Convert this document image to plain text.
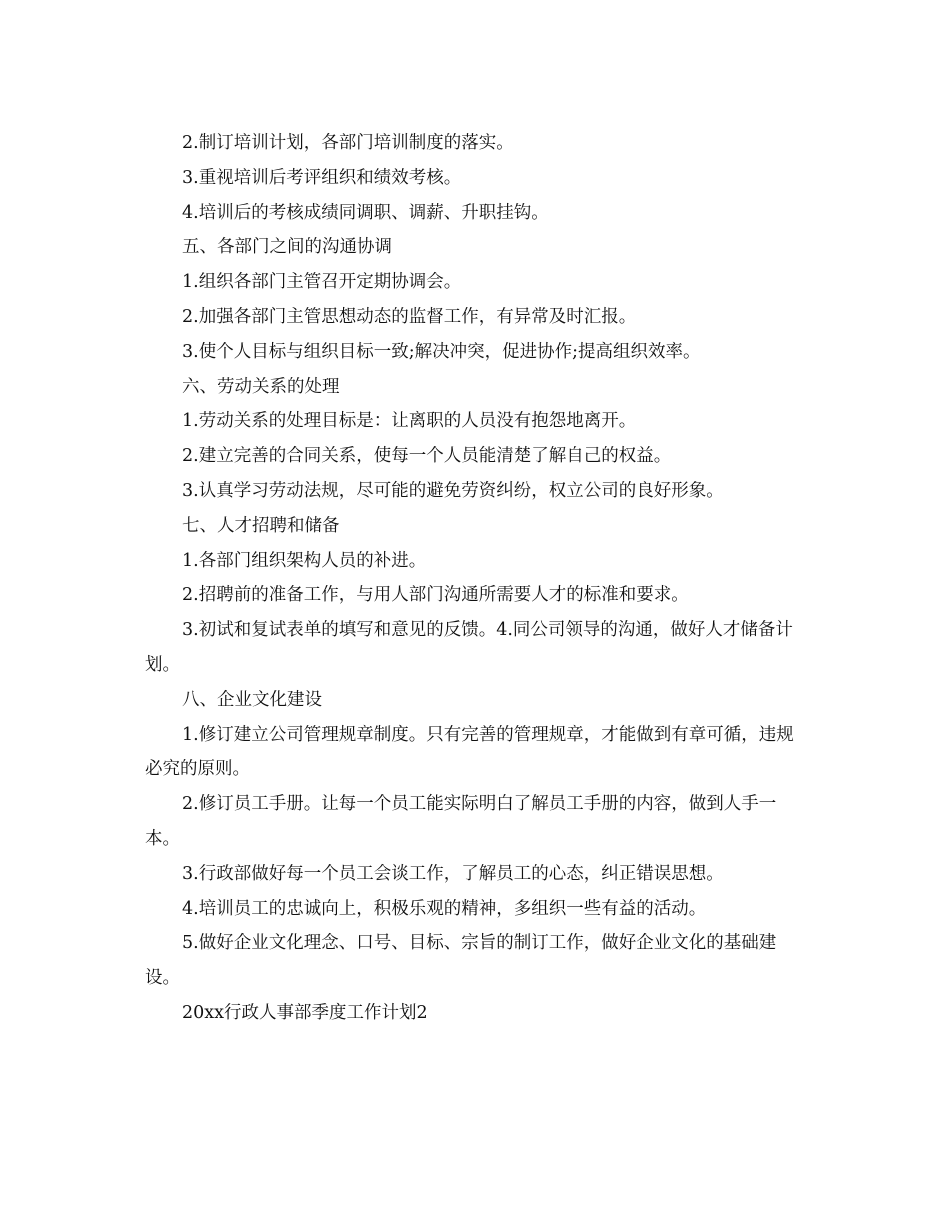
2.制订培训计划，各部门培训制度的落实。

3.重视培训后考评组织和绩效考核。

4.培训后的考核成绩同调职、调薪、升职挂钩。

五、各部门之间的沟通协调

1.组织各部门主管召开定期协调会。

2.加强各部门主管思想动态的监督工作，有异常及时汇报。

3.使个人目标与组织目标一致;解决冲突，促进协作;提高组织效率。

六、劳动关系的处理

1.劳动关系的处理目标是：让离职的人员没有抱怨地离开。

2.建立完善的合同关系，使每一个人员能清楚了解自己的权益。

3.认真学习劳动法规，尽可能的避免劳资纠纷，权立公司的良好形象。

七、人才招聘和储备

1.各部门组织架构人员的补进。

2.招聘前的准备工作，与用人部门沟通所需要人才的标准和要求。

3.初试和复试表单的填写和意见的反馈。4.同公司领导的沟通，做好人才储备计划。

八、企业文化建设

1.修订建立公司管理规章制度。只有完善的管理规章，才能做到有章可循，违规必究的原则。

2.修订员工手册。让每一个员工能实际明白了解员工手册的内容，做到人手一本。

3.行政部做好每一个员工会谈工作，了解员工的心态，纠正错误思想。

4.培训员工的忠诚向上，积极乐观的精神，多组织一些有益的活动。

5.做好企业文化理念、口号、目标、宗旨的制订工作，做好企业文化的基础建设。

20xx行政人事部季度工作计划2
